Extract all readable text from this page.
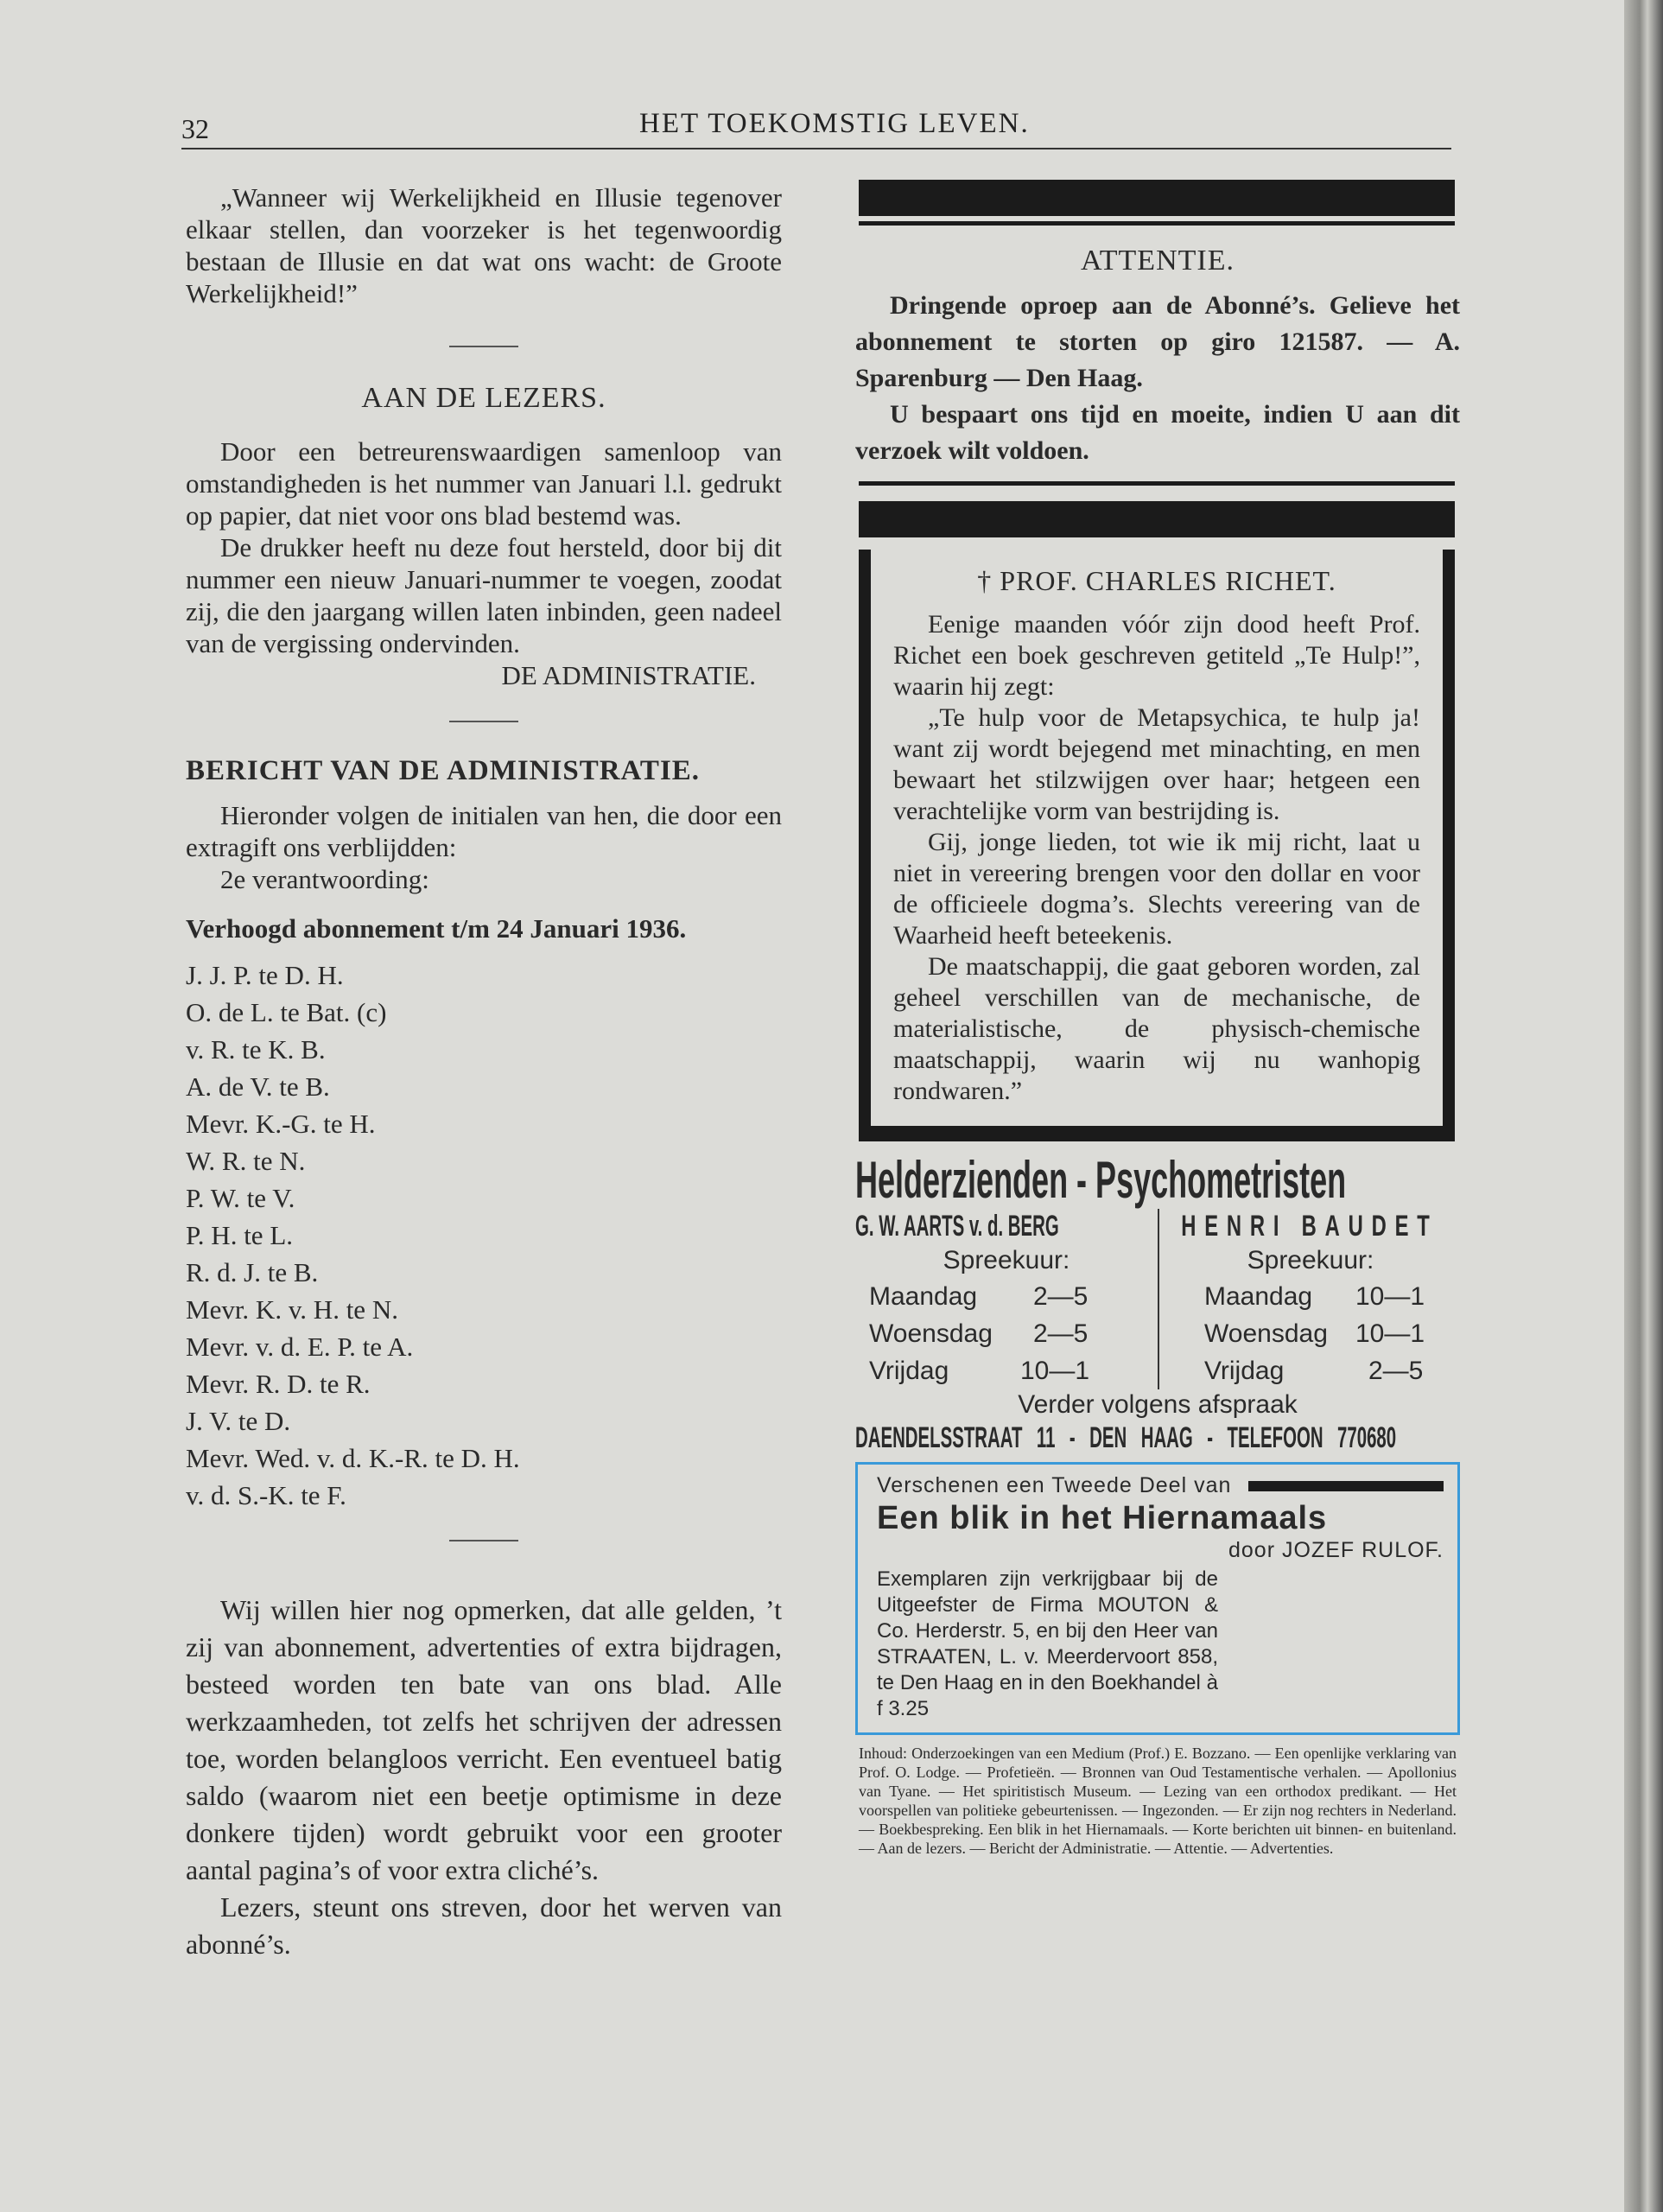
32	HET TOEKOMSTIG LEVEN.

„Wanneer wij Werkelijkheid en Illusie tegenover elkaar stellen, dan voorzeker is het tegenwoordig bestaan de Illusie en dat wat ons wacht: de Groote Werkelijkheid!”

AAN DE LEZERS.

Door een betreurenswaardigen samenloop van omstandigheden is het nummer van Januari l.l. gedrukt op papier, dat niet voor ons blad bestemd was.

De drukker heeft nu deze fout hersteld, door bij dit nummer een nieuw Januari-nummer te voegen, zoodat zij, die den jaargang willen laten inbinden, geen nadeel van de vergissing ondervinden.

DE ADMINISTRATIE.

BERICHT VAN DE ADMINISTRATIE.

Hieronder volgen de initialen van hen, die door een extragift ons verblijdden:

2e verantwoording:

Verhoogd abonnement t/m 24 Januari 1936.

J. J. P. te D. H.
O. de L. te Bat. (c)
v. R. te K. B.
A. de V. te B.
Mevr. K.-G. te H.
W. R. te N.
P. W. te V.
P. H. te L.
R. d. J. te B.
Mevr. K. v. H. te N.
Mevr. v. d. E. P. te A.
Mevr. R. D. te R.
J. V. te D.
Mevr. Wed. v. d. K.-R. te D. H.
v. d. S.-K. te F.

Wij willen hier nog opmerken, dat alle gelden, ’t zij van abonnement, advertenties of extra bijdragen, besteed worden ten bate van ons blad. Alle werkzaamheden, tot zelfs het schrijven der adressen toe, worden belangloos verricht. Een eventueel batig saldo (waarom niet een beetje optimisme in deze donkere tijden) wordt gebruikt voor een grooter aantal pagina’s of voor extra cliché’s.

Lezers, steunt ons streven, door het werven van abonné’s.

ATTENTIE.

Dringende oproep aan de Abonné’s. Gelieve het abonnement te storten op giro 121587. — A. Sparenburg — Den Haag.

U bespaart ons tijd en moeite, indien U aan dit verzoek wilt voldoen.

† PROF. CHARLES RICHET.

Eenige maanden vóór zijn dood heeft Prof. Richet een boek geschreven getiteld „Te Hulp!”, waarin hij zegt:

„Te hulp voor de Metapsychica, te hulp ja! want zij wordt bejegend met minachting, en men bewaart het stilzwijgen over haar; hetgeen een verachtelijke vorm van bestrijding is.

Gij, jonge lieden, tot wie ik mij richt, laat u niet in vereering brengen voor den dollar en voor de officieele dogma’s. Slechts vereering van de Waarheid heeft beteekenis.

De maatschappij, die gaat geboren worden, zal geheel verschillen van de mechanische, de materialistische, de physisch-chemische maatschappij, waarin wij nu wanhopig rondwaren.”

Helderzienden - Psychometristen
G. W. AARTS v. d. BERG
Spreekuur:
Maandag	2—5
Woensdag	2—5
Vrijdag	10—1
HENRI BAUDET
Spreekuur:
Maandag	10—1
Woensdag	10—1
Vrijdag	2—5
Verder volgens afspraak
DAENDELSSTRAAT 11 - DEN HAAG - TELEFOON 770680
Verschenen een Tweede Deel van
Een blik in het Hiernamaals
door JOZEF RULOF.

Exemplaren zijn verkrijgbaar bij de Uitgeefster de Firma MOUTON & Co. Herderstr. 5, en bij den Heer van STRAATEN, L. v. Meerdervoort 858, te Den Haag en in den Boekhandel à f 3.25

Inhoud: Onderzoekingen van een Medium (Prof.) E. Bozzano. — Een openlijke verklaring van Prof. O. Lodge. — Profetieën. — Bronnen van Oud Testamentische verhalen. — Apollonius van Tyane. — Het spiritistisch Museum. — Lezing van een orthodox predikant. — Het voorspellen van politieke gebeurtenissen. — Ingezonden. — Er zijn nog rechters in Nederland. — Boekbespreking. Een blik in het Hiernamaals. — Korte berichten uit binnen- en buitenland. — Aan de lezers. — Bericht der Administratie. — Attentie. — Advertenties.
